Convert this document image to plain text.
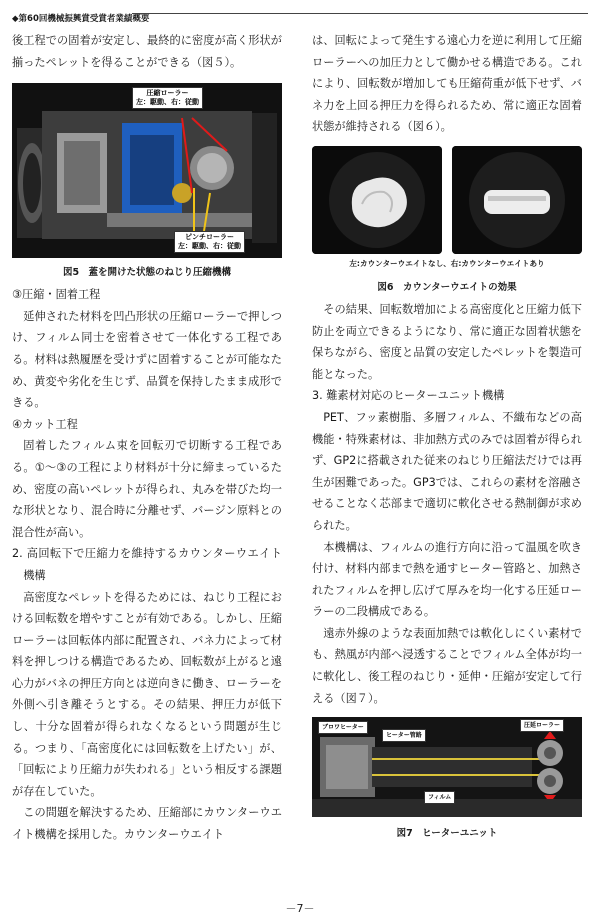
◆第60回機械振興賞受賞者業績概要

後工程での固着が安定し、最終的に密度が高く形状が揃ったペレットを得ることができる（図５）。

圧縮ローラー
左：駆動、右：従動
ピンチローラー
左：駆動、右：従動
図5　蓋を開けた状態のねじり圧縮機構

③圧縮・固着工程

延伸された材料を凹凸形状の圧縮ローラーで押しつけ、フィルム同士を密着させて一体化する工程である。材料は熱履歴を受けずに固着することが可能なため、黄変や劣化を生じず、品質を保持したまま成形できる。

④カット工程

固着したフィルム束を回転刃で切断する工程である。①～③の工程により材料が十分に締まっているため、密度の高いペレットが得られ、丸みを帯びた均一な形状となり、混合時に分離せず、バージン原料との混合性が高い。

2. 高回転下で圧縮力を維持するカウンターウエイト機構

高密度なペレットを得るためには、ねじり工程における回転数を増やすことが有効である。しかし、圧縮ローラーは回転体内部に配置され、バネ力によって材料を押しつける構造であるため、回転数が上がると遠心力がバネの押圧方向とは逆向きに働き、ローラーを外側へ引き離そうとする。その結果、押圧力が低下し、十分な固着が得られなくなるという問題が生じる。つまり、「高密度化には回転数を上げたい」が、「回転により圧縮力が失われる」という相反する課題が存在していた。

この問題を解決するため、圧縮部にカウンターウエイト機構を採用した。カウンターウエイト

は、回転によって発生する遠心力を逆に利用して圧縮ローラーへの加圧力として働かせる構造である。これにより、回転数が増加しても圧縮荷重が低下せず、バネ力を上回る押圧力を得られるため、常に適正な固着状態が維持される（図６）。

左:カウンターウエイトなし、右:カウンターウエイトあり
図6　カウンターウエイトの効果

その結果、回転数増加による高密度化と圧縮力低下防止を両立できるようになり、常に適正な固着状態を保ちながら、密度と品質の安定したペレットを製造可能となった。

3. 難素材対応のヒーターユニット機構

PET、フッ素樹脂、多層フィルム、不織布などの高機能・特殊素材は、非加熱方式のみでは固着が得られず、GP2に搭載された従来のねじり圧縮法だけでは再生が困難であった。GP3では、これらの素材を溶融させることなく芯部まで適切に軟化させる熱制御が求められた。

本機構は、フィルムの進行方向に沿って温風を吹き付け、材料内部まで熱を通すヒーター管路と、加熱されたフィルムを押し広げて厚みを均一化する圧延ローラーの二段構成である。

遠赤外線のような表面加熱では軟化しにくい素材でも、熱風が内部へ浸透することでフィルム全体が均一に軟化し、後工程のねじり・延伸・圧縮が安定して行える（図７）。

ブロワヒーター
ヒーター管路
圧延ローラー
フィルム
図7　ヒーターユニット
－7－
